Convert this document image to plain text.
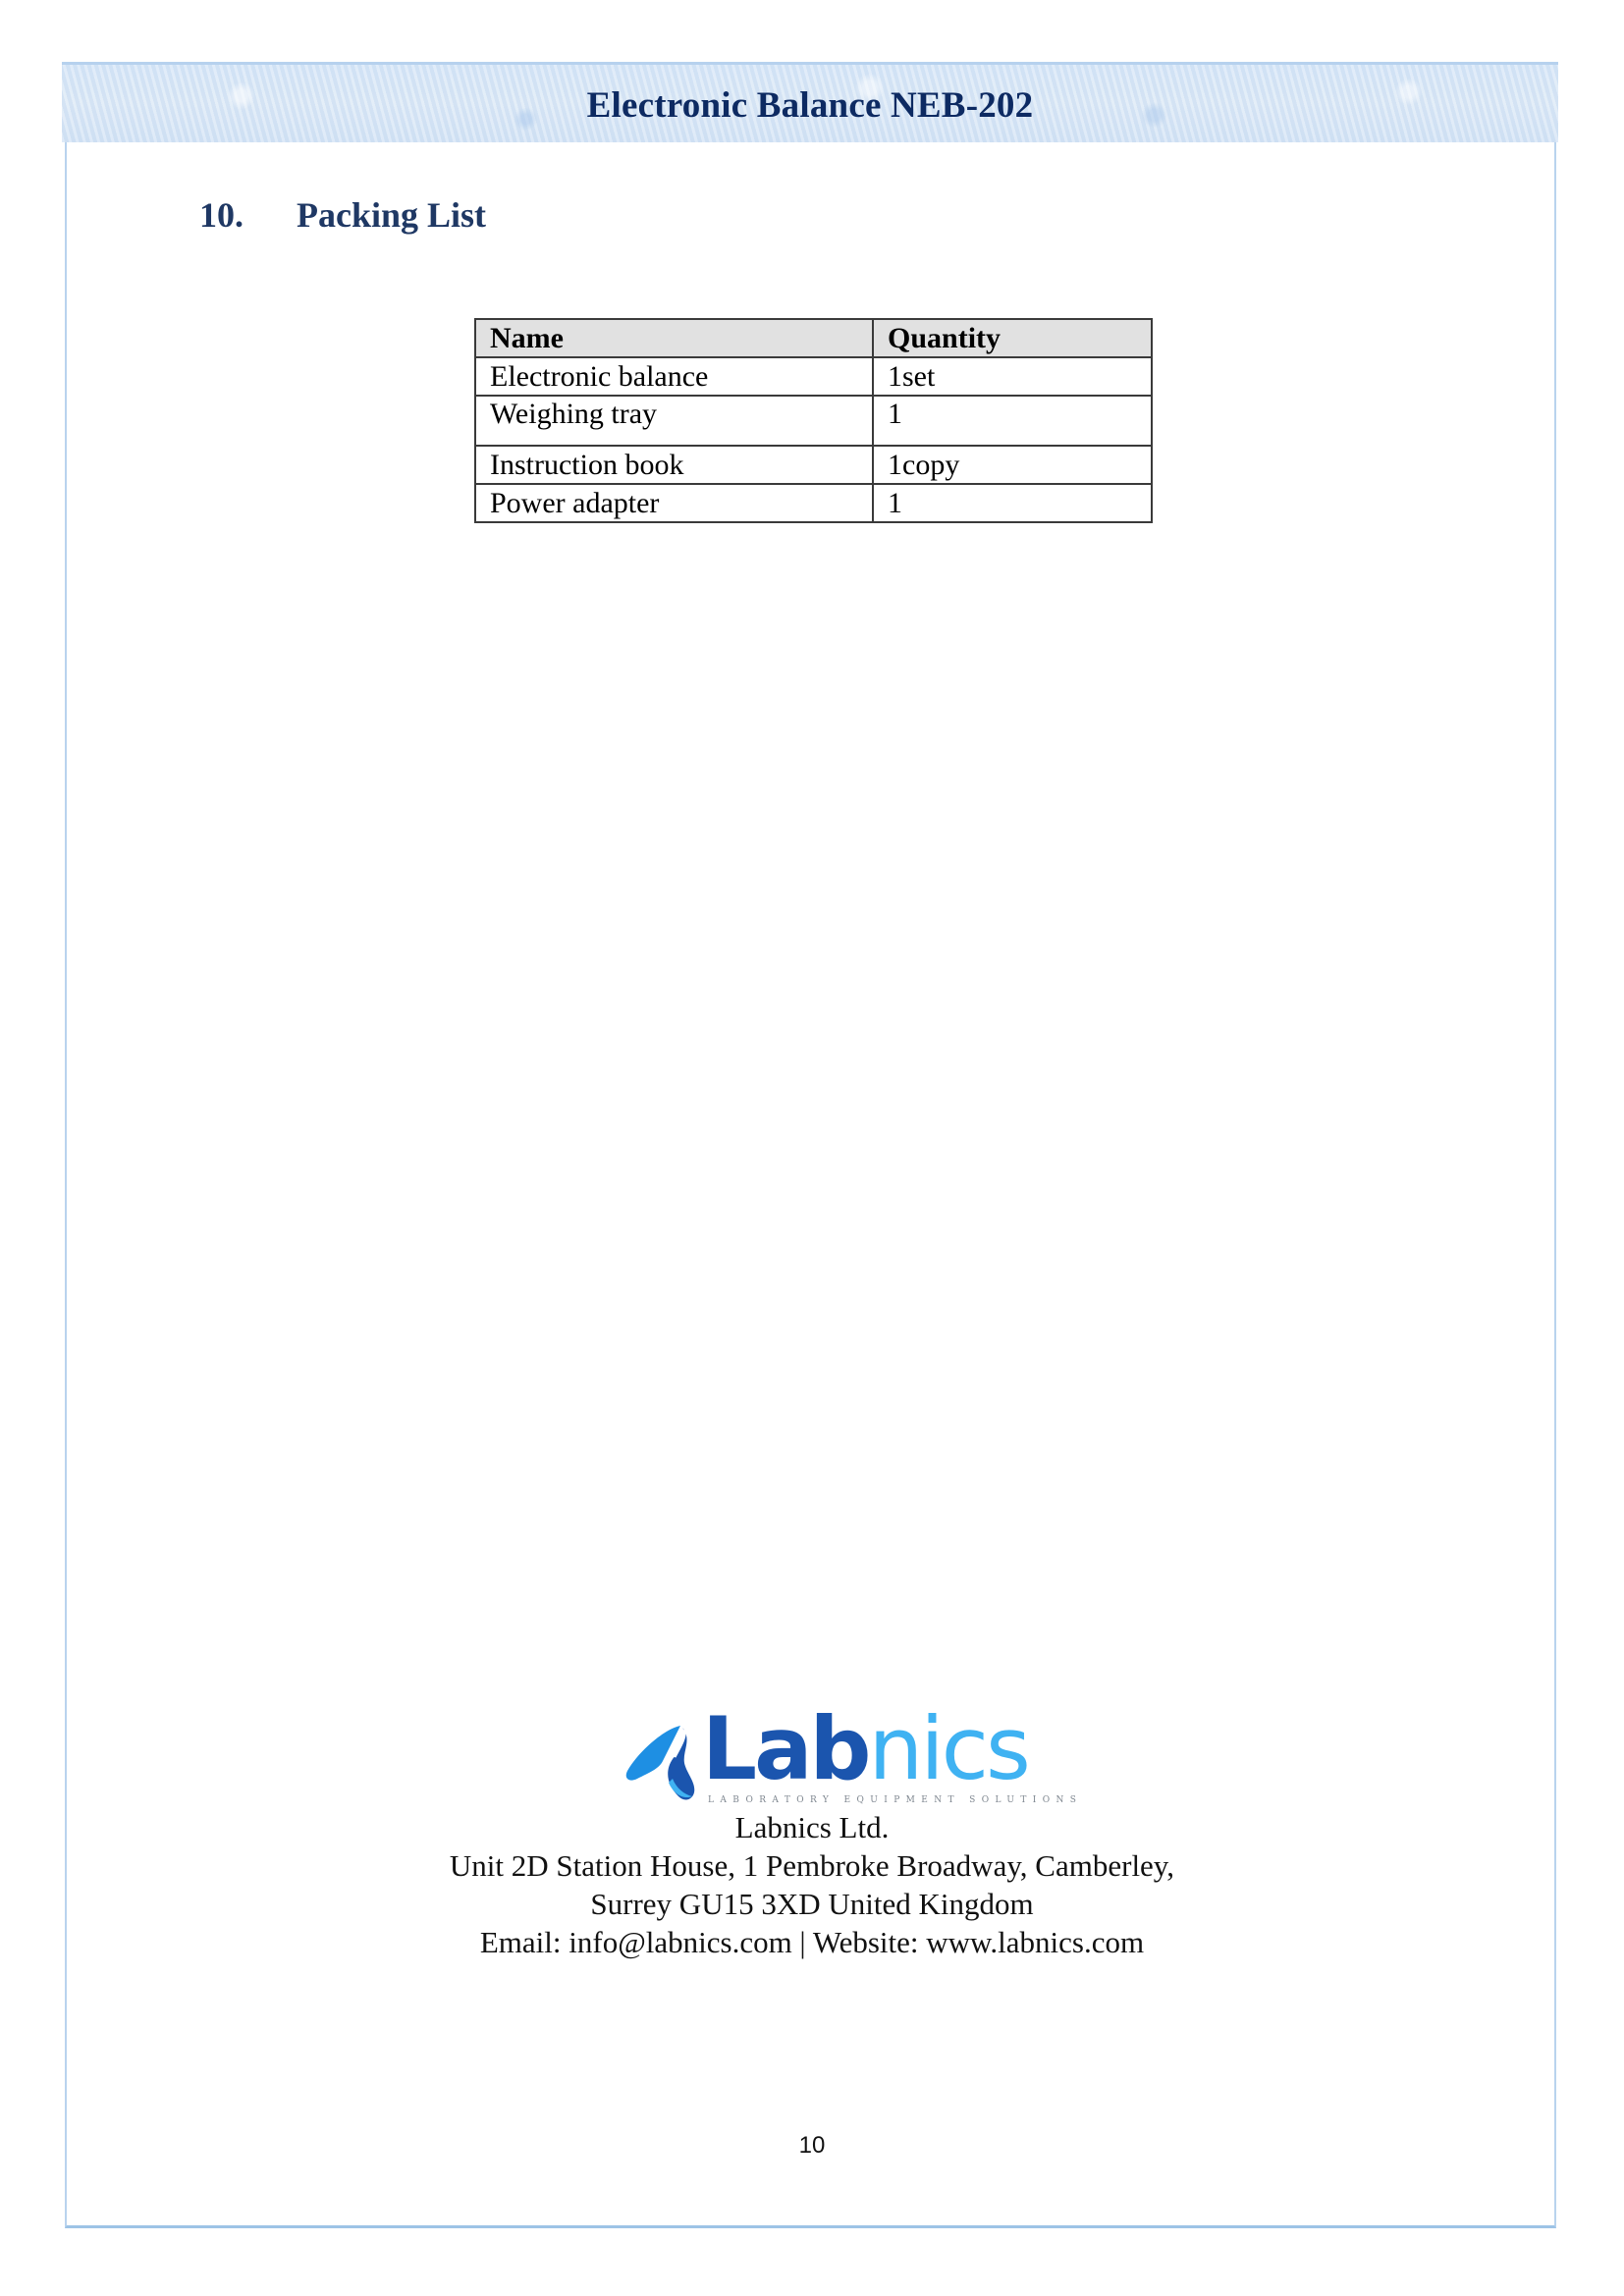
Electronic Balance NEB-202
10. Packing List
Name	Quantity
Electronic balance	1set
Weighing tray	1
Instruction book	1copy
Power adapter	1
Labnics
LABORATORY EQUIPMENT SOLUTIONS
Labnics Ltd.
Unit 2D Station House, 1 Pembroke Broadway, Camberley,
Surrey GU15 3XD United Kingdom
Email: info@labnics.com | Website: www.labnics.com
10
